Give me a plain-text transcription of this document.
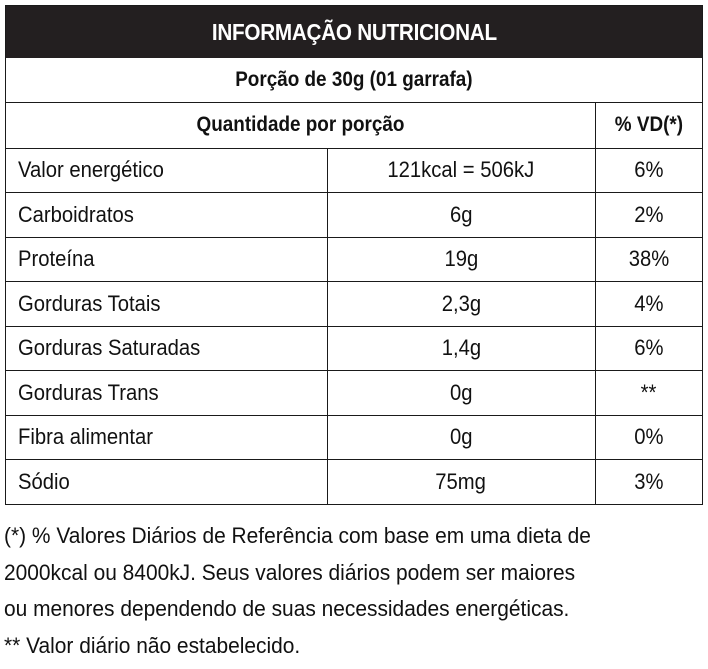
INFORMAÇÃO NUTRICIONAL
Porção de 30g (01 garrafa)
Quantidade por porção		% VD(*)
Valor energético	121kcal = 506kJ	6%
Carboidratos	6g	2%
Proteína	19g	38%
Gorduras Totais	2,3g	4%
Gorduras Saturadas	1,4g	6%
Gorduras Trans	0g	**
Fibra alimentar	0g	0%
Sódio	75mg	3%

(*) % Valores Diários de Referência com base em uma dieta de

2000kcal ou 8400kJ. Seus valores diários podem ser maiores

ou menores dependendo de suas necessidades energéticas.

** Valor diário não estabelecido.
